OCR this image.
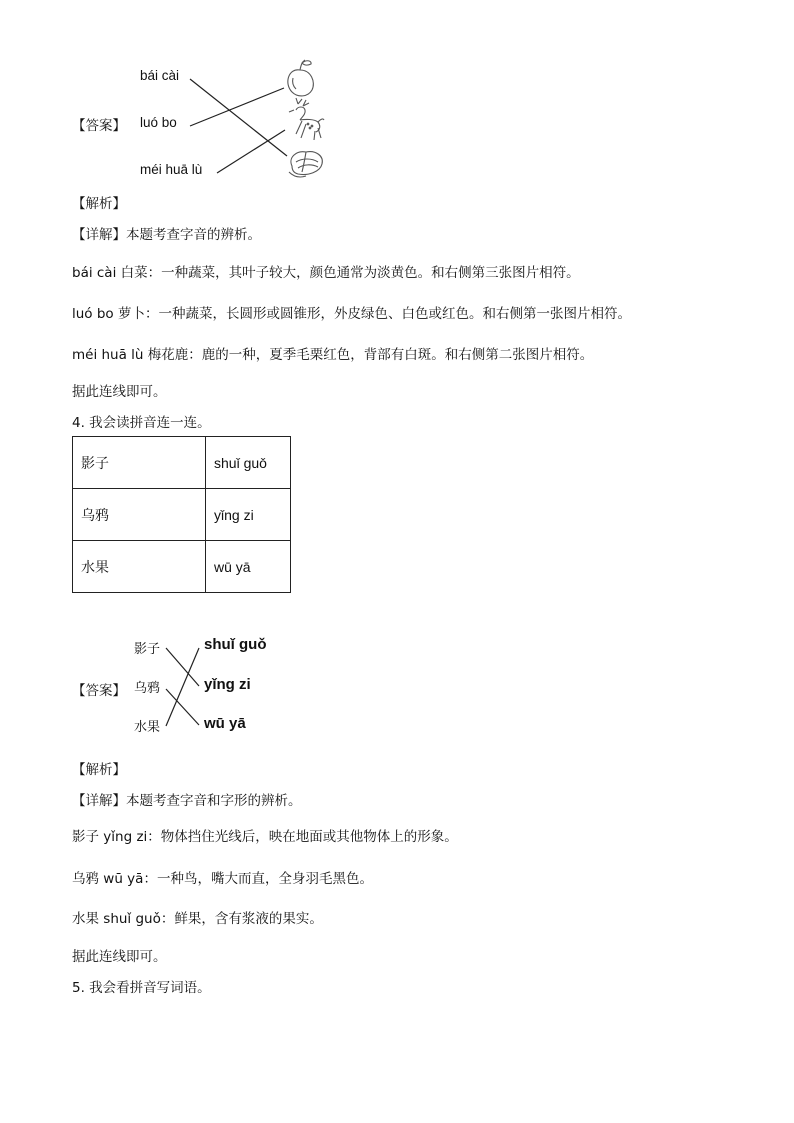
【答案】
bái cài
luó bo
méi huā lù
【解析】
【详解】本题考查字音的辨析。
bái cài 白菜：一种蔬菜，其叶子较大，颜色通常为淡黄色。和右侧第三张图片相符。
luó bo 萝卜：一种蔬菜，长圆形或圆锥形，外皮绿色、白色或红色。和右侧第一张图片相符。
méi huā lù 梅花鹿：鹿的一种，夏季毛栗红色，背部有白斑。和右侧第二张图片相符。
据此连线即可。
4. 我会读拼音连一连。
影子	shuǐ guǒ
乌鸦	yǐng zi
水果	wū yā
【答案】
影子
乌鸦
水果
shuǐ guǒ
yǐng zi
wū yā
【解析】
【详解】本题考查字音和字形的辨析。
影子 yǐng zi：物体挡住光线后，映在地面或其他物体上的形象。
乌鸦 wū yā：一种鸟，嘴大而直，全身羽毛黑色。
水果 shuǐ guǒ：鲜果，含有浆液的果实。
据此连线即可。
5. 我会看拼音写词语。
